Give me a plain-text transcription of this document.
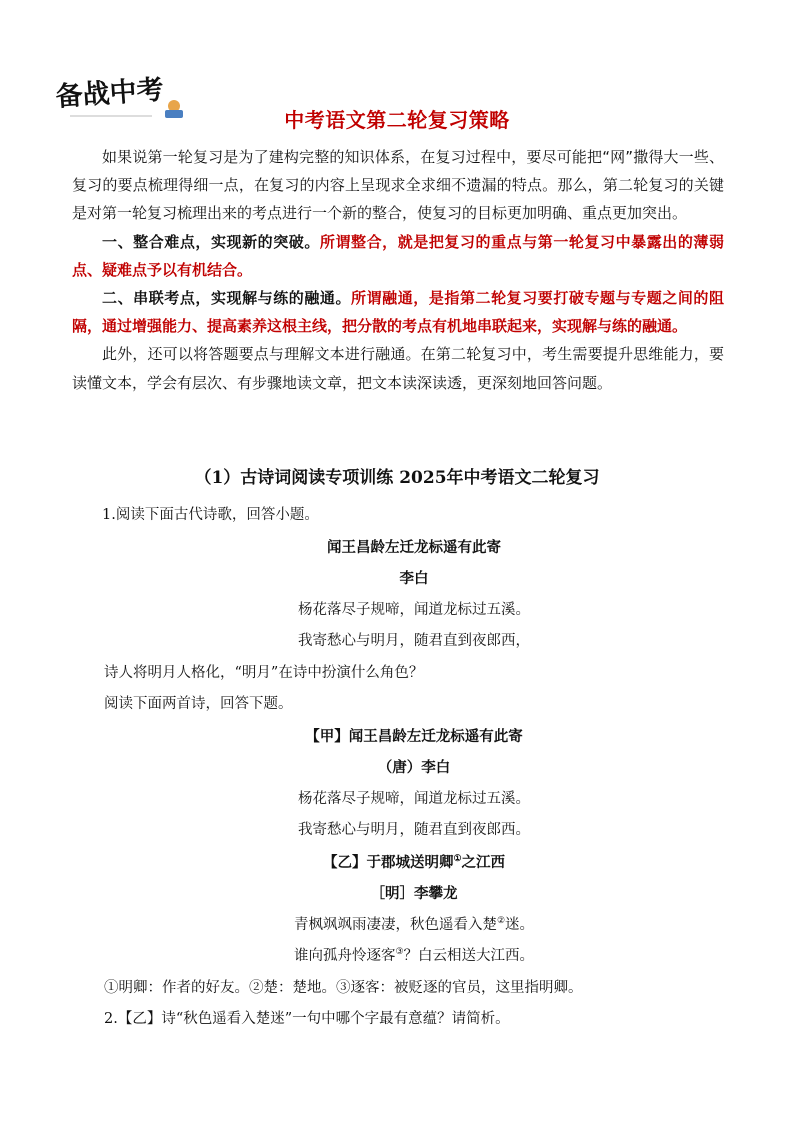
备战中考
中考语文第二轮复习策略

如果说第一轮复习是为了建构完整的知识体系，在复习过程中，要尽可能把“网”撒得大一些、复习的要点梳理得细一点，在复习的内容上呈现求全求细不遗漏的特点。那么，第二轮复习的关键是对第一轮复习梳理出来的考点进行一个新的整合，使复习的目标更加明确、重点更加突出。

一、整合难点，实现新的突破。所谓整合，就是把复习的重点与第一轮复习中暴露出的薄弱点、疑难点予以有机结合。

二、串联考点，实现解与练的融通。所谓融通，是指第二轮复习要打破专题与专题之间的阻隔，通过增强能力、提高素养这根主线，把分散的考点有机地串联起来，实现解与练的融通。

此外，还可以将答题要点与理解文本进行融通。在第二轮复习中，考生需要提升思维能力，要读懂文本，学会有层次、有步骤地读文章，把文本读深读透，更深刻地回答问题。

（1）古诗词阅读专项训练 2025年中考语文二轮复习
1.阅读下面古代诗歌，回答小题。
闻王昌龄左迁龙标遥有此寄
李白
杨花落尽子规啼，闻道龙标过五溪。
我寄愁心与明月，随君直到夜郎西，
诗人将明月人格化，“明月”在诗中扮演什么角色？
阅读下面两首诗，回答下题。
【甲】闻王昌龄左迁龙标遥有此寄
（唐）李白
杨花落尽子规啼，闻道龙标过五溪。
我寄愁心与明月，随君直到夜郎西。
【乙】于郡城送明卿①之江西
［明］李攀龙
青枫飒飒雨凄凄，秋色遥看入楚②迷。
谁向孤舟怜逐客③？白云相送大江西。
①明卿：作者的好友。②楚：楚地。③逐客：被贬逐的官员，这里指明卿。
2.【乙】诗“秋色遥看入楚迷”一句中哪个字最有意蕴？请简析。
